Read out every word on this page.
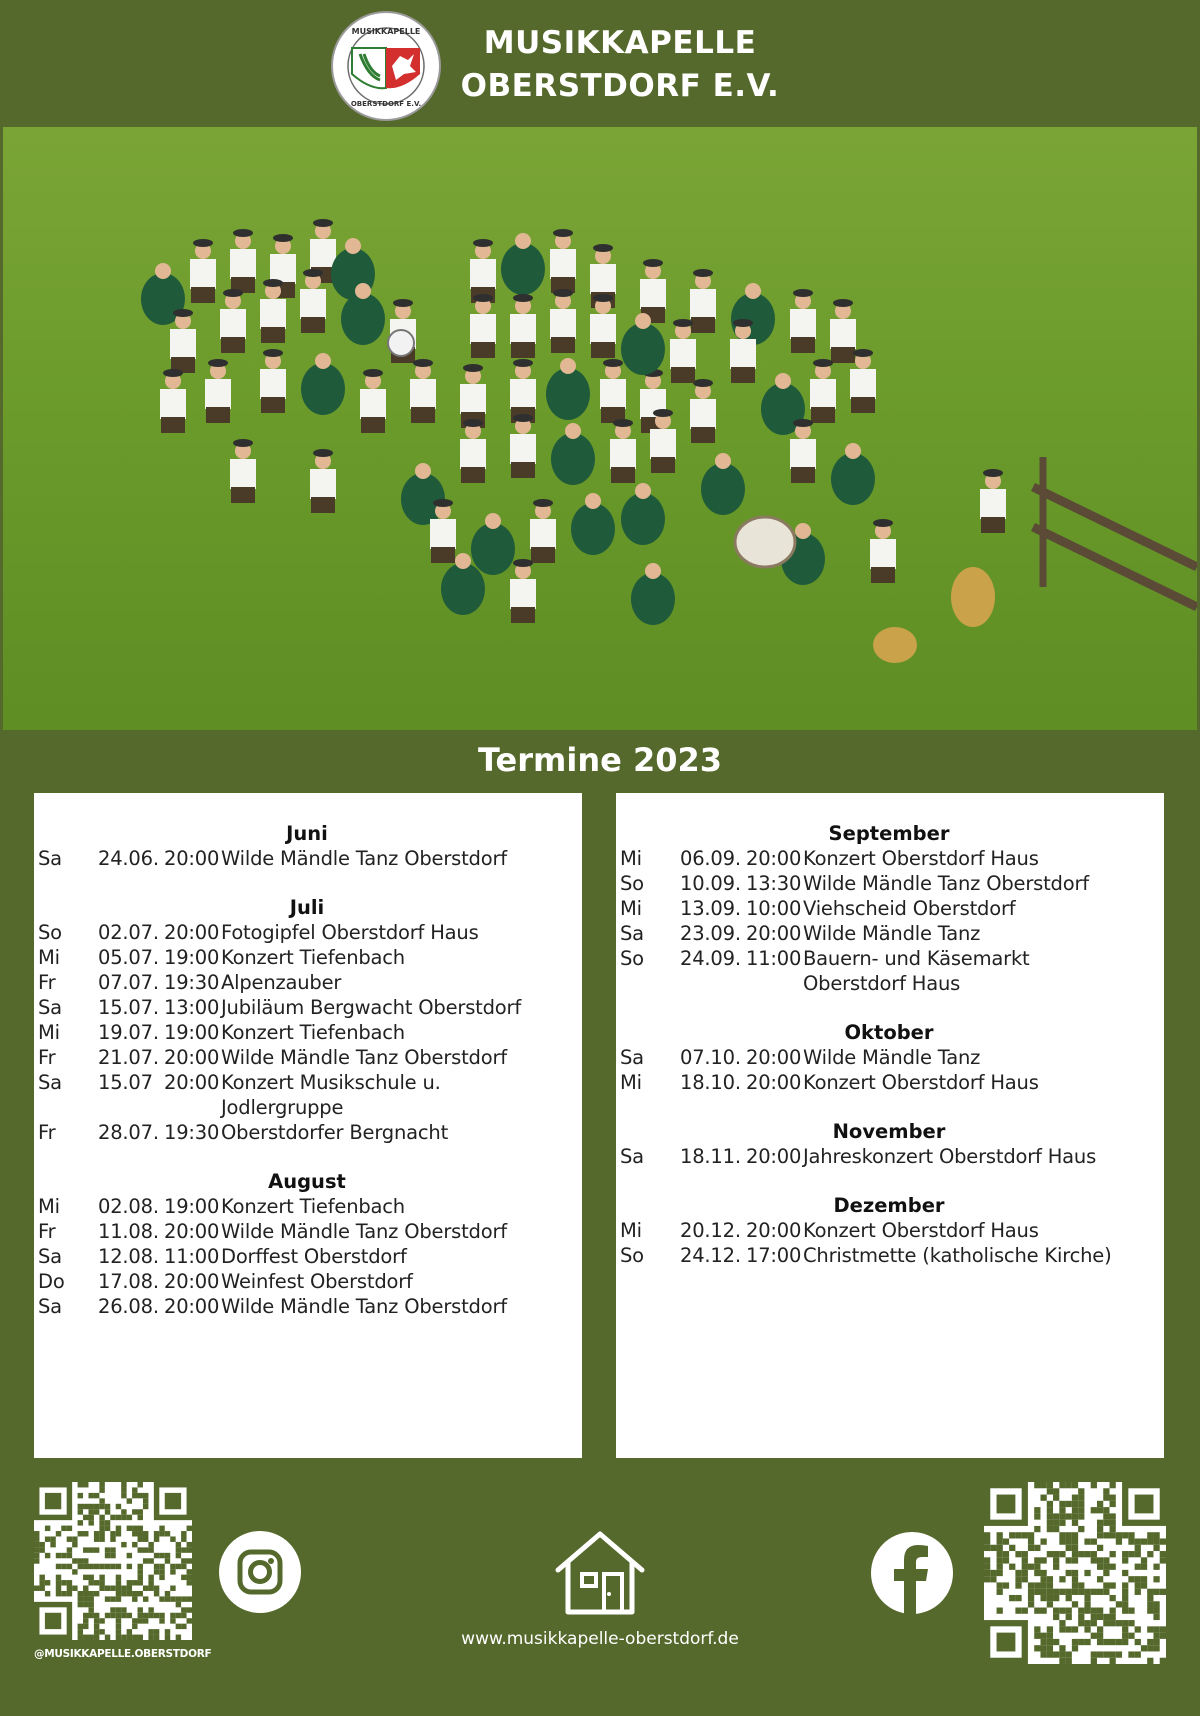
MUSIKKAPELLE
OBERSTDORF E.V.
MUSIKKAPELLE
OBERSTDORF E.V.
Termine 2023
Juni
Sa	24.06. 20:00 Wilde Mändle Tanz Oberstdorf
Juli
So	02.07. 20:00 Fotogipfel Oberstdorf Haus
Mi	05.07. 19:00 Konzert Tiefenbach
Fr	07.07. 19:30 Alpenzauber
Sa	15.07. 13:00 Jubiläum Bergwacht Oberstdorf
Mi	19.07. 19:00 Konzert Tiefenbach
Fr	21.07. 20:00 Wilde Mändle Tanz Oberstdorf
Sa	15.07 20:00 Konzert Musikschule u.
Jodlergruppe
Fr	28.07. 19:30 Oberstdorfer Bergnacht
August
Mi	02.08. 19:00 Konzert Tiefenbach
Fr	11.08. 20:00 Wilde Mändle Tanz Oberstdorf
Sa	12.08. 11:00 Dorffest Oberstdorf
Do	17.08. 20:00 Weinfest Oberstdorf
Sa	26.08. 20:00 Wilde Mändle Tanz Oberstdorf
September
Mi	06.09. 20:00 Konzert Oberstdorf Haus
So	10.09. 13:30 Wilde Mändle Tanz Oberstdorf
Mi	13.09. 10:00 Viehscheid Oberstdorf
Sa	23.09. 20:00 Wilde Mändle Tanz
So	24.09. 11:00 Bauern- und Käsemarkt
Oberstdorf Haus
Oktober
Sa	07.10. 20:00 Wilde Mändle Tanz
Mi	18.10. 20:00 Konzert Oberstdorf Haus
November
Sa	18.11. 20:00 Jahreskonzert Oberstdorf Haus
Dezember
Mi	20.12. 20:00 Konzert Oberstdorf Haus
So	24.12. 17:00 Christmette (katholische Kirche)
@MUSIKKAPELLE.OBERSTDORF
www.musikkapelle-oberstdorf.de
